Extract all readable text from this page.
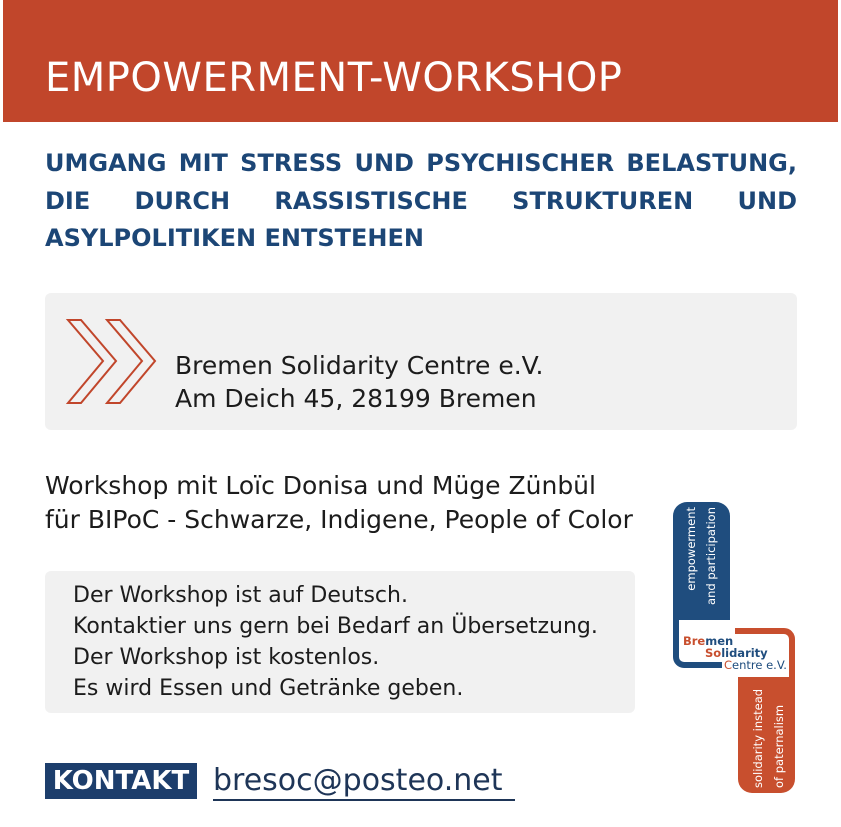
EMPOWERMENT-WORKSHOP
UMGANG MIT STRESS UND PSYCHISCHER BELASTUNG,
DIE DURCH RASSISTISCHE STRUKTUREN UND
ASYLPOLITIKEN ENTSTEHEN
Bremen Solidarity Centre e.V.
Am Deich 45, 28199 Bremen
Workshop mit Loïc Donisa und Müge Zünbül
für BIPoC - Schwarze, Indigene, People of Color
Der Workshop ist auf Deutsch.
Kontaktier uns gern bei Bedarf an Übersetzung.
Der Workshop ist kostenlos.
Es wird Essen und Getränke geben.
KONTAKT bresoc@posteo.net
empowerment and participation
Bremen
Solidarity
Centre e.V.
solidarity instead of paternalism
